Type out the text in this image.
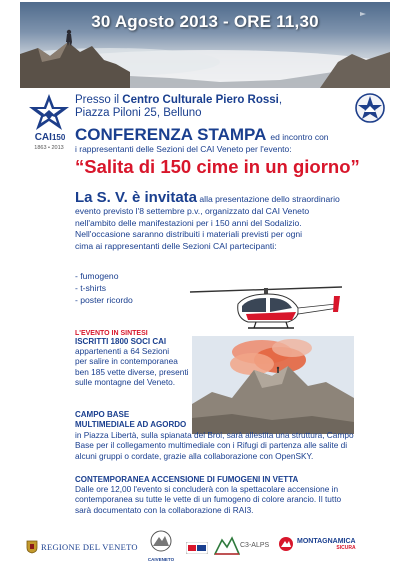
30 Agosto 2013 - ORE 11,30
CAI150
1863 • 2013
Presso il Centro Culturale Piero Rossi,
Piazza Piloni 25, Belluno
CONFERENZA STAMPA ed incontro con
i rappresentanti delle Sezioni del CAI Veneto per l'evento:
“Salita di 150 cime in un giorno”
La S. V. è invitata alla presentazione dello straordinario
evento previsto l'8 settembre p.v., organizzato dal CAI Veneto
nell'ambito delle manifestazioni per i 150 anni del Sodalizio.
Nell'occasione saranno distribuiti i materiali previsti per ogni
cima ai rappresentanti delle Sezioni CAI partecipanti:
- fumogeno
- t-shirts
- poster ricordo
L'EVENTO IN SINTESI
ISCRITTI 1800 SOCI CAI
appartenenti a 64 Sezioni
per salire in contemporanea
ben 185 vette diverse, presenti
sulle montagne del Veneto.
CAMPO BASE
MULTIMEDIALE AD AGORDO
in Piazza Libertà, sulla spianata del Broi, sarà allestita una struttura, Campo
Base per il collegamento multimediale con i Rifugi di partenza alle salite di
alcuni gruppi o cordate, grazie alla collaborazione con OpenSKY.
CONTEMPORANEA ACCENSIONE DI FUMOGENI IN VETTA
Dalle ore 12,00 l'evento si concluderà con la spettacolare accensione in
contemporanea su tutte le vette di un fumogeno di colore arancio. Il tutto
sarà documentato con la collaborazione di RAI3.
REGIONE DEL VENETO
CAIVENETO
C3-ALPS
MONTAGNAMICA
SICURA
